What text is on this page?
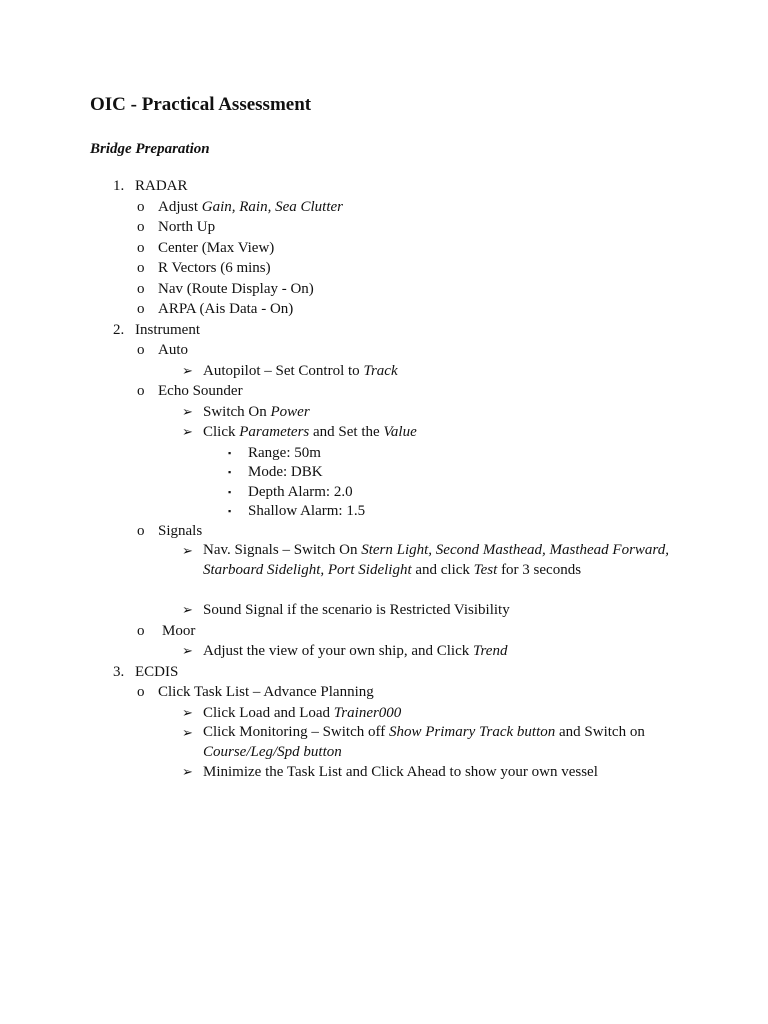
OIC - Practical Assessment
Bridge Preparation
1. RADAR
o Adjust Gain, Rain, Sea Clutter
o North Up
o Center (Max View)
o R Vectors (6 mins)
o Nav (Route Display - On)
o ARPA (Ais Data - On)
2. Instrument
o Auto
➢ Autopilot – Set Control to Track
o Echo Sounder
➢ Switch On Power
➢ Click Parameters and Set the Value
▪ Range: 50m
▪ Mode: DBK
▪ Depth Alarm: 2.0
▪ Shallow Alarm: 1.5
o Signals
➢ Nav. Signals – Switch On Stern Light, Second Masthead, Masthead Forward, Starboard Sidelight, Port Sidelight and click Test for 3 seconds
➢ Sound Signal if the scenario is Restricted Visibility
o Moor
➢ Adjust the view of your own ship, and Click Trend
3. ECDIS
o Click Task List – Advance Planning
➢ Click Load and Load Trainer000
➢ Click Monitoring – Switch off Show Primary Track button and Switch on Course/Leg/Spd button
➢ Minimize the Task List and Click Ahead to show your own vessel
